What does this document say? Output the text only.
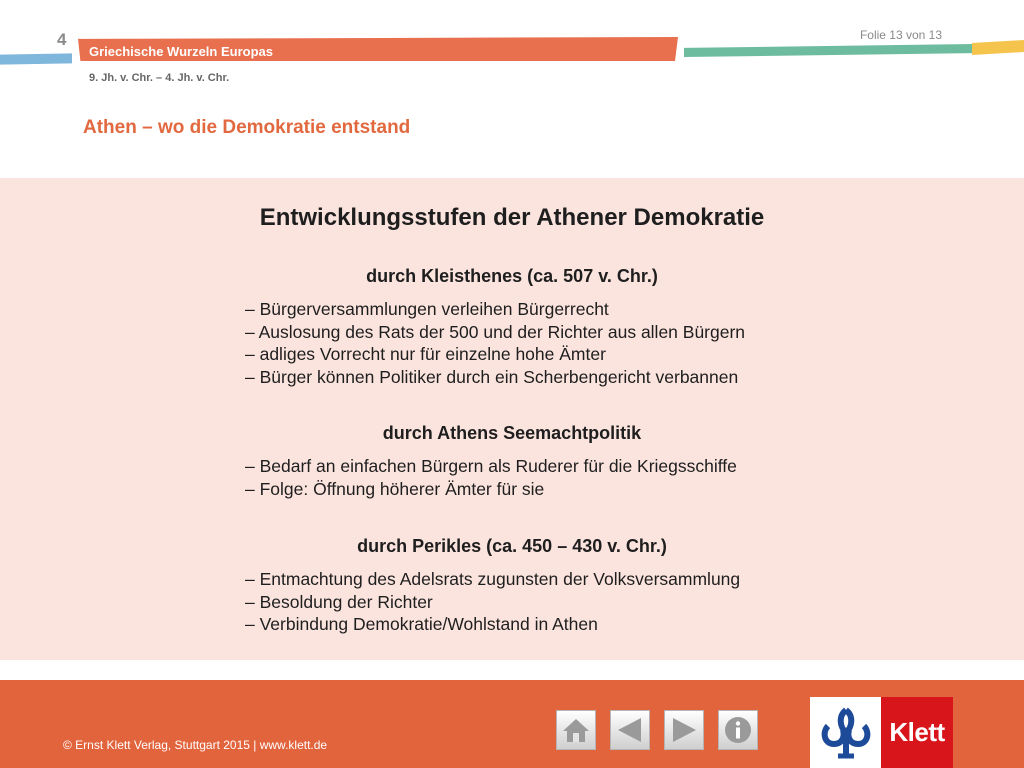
4
Griechische Wurzeln Europas
Folie 13 von 13
9. Jh. v. Chr. – 4. Jh. v. Chr.
Athen – wo die Demokratie entstand
Entwicklungsstufen der Athener Demokratie
durch Kleisthenes (ca. 507 v. Chr.)
– Bürgerversammlungen verleihen Bürgerrecht
– Auslosung des Rats der 500 und der Richter aus allen Bürgern
– adliges Vorrecht nur für einzelne hohe Ämter
– Bürger können Politiker durch ein Scherbengericht verbannen
durch Athens Seemachtpolitik
– Bedarf an einfachen Bürgern als Ruderer für die Kriegsschiffe
– Folge: Öffnung höherer Ämter für sie
durch Perikles (ca. 450 – 430 v. Chr.)
– Entmachtung des Adelsrats zugunsten der Volksversammlung
– Besoldung der Richter
– Verbindung Demokratie/Wohlstand in Athen
© Ernst Klett Verlag, Stuttgart 2015 | www.klett.de	Klett
